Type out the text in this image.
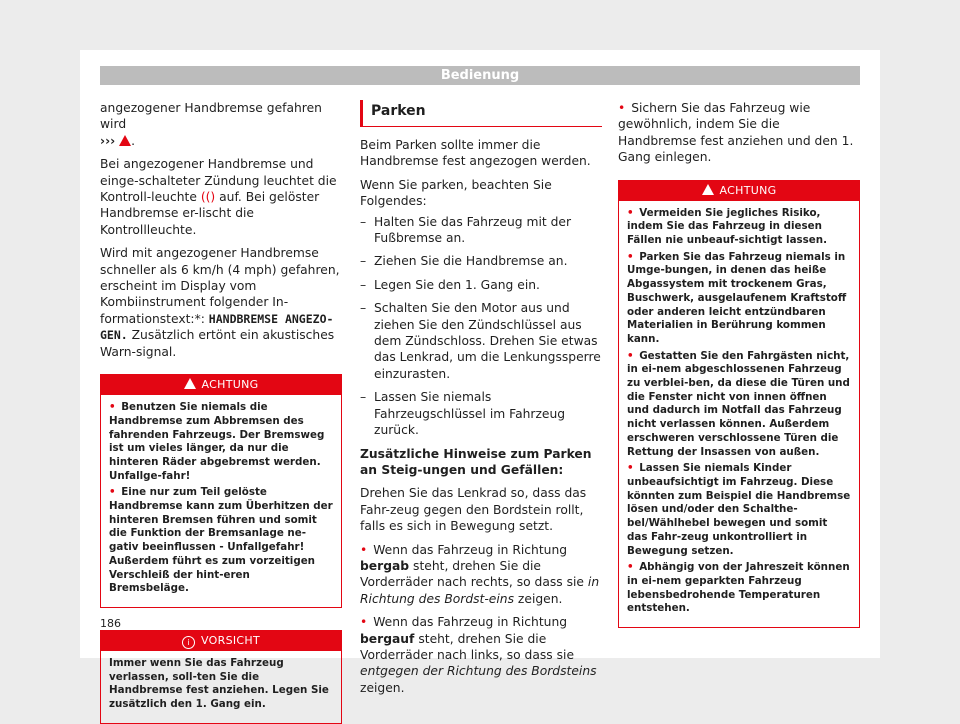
Bedienung

angezogener Handbremse gefahren wird
››› .

Bei angezogener Handbremse und einge-schalteter Zündung leuchtet die Kontroll-leuchte (() auf. Bei gelöster Handbremse er-lischt die Kontrollleuchte.

Wird mit angezogener Handbremse schneller als 6 km/h (4 mph) gefahren, erscheint im Display vom Kombiinstrument folgender In-formationstext:*: HANDBREMSE ANGEZO-GEN. Zusätzlich ertönt ein akustisches Warn-signal.

ACHTUNG

• Benutzen Sie niemals die Handbremse zum Abbremsen des fahrenden Fahrzeugs. Der Bremsweg ist um vieles länger, da nur die hinteren Räder abgebremst werden. Unfallge-fahr!

• Eine nur zum Teil gelöste Handbremse kann zum Überhitzen der hinteren Bremsen führen und somit die Funktion der Bremsanlage ne-gativ beeinflussen - Unfallgefahr! Außerdem führt es zum vorzeitigen Verschleiß der hint-eren Bremsbeläge.

i VORSICHT

Immer wenn Sie das Fahrzeug verlassen, soll-ten Sie die Handbremse fest anziehen. Legen Sie zusätzlich den 1. Gang ein.

Parken

Beim Parken sollte immer die Handbremse fest angezogen werden.

Wenn Sie parken, beachten Sie Folgendes:

– Halten Sie das Fahrzeug mit der Fußbremse an.

– Ziehen Sie die Handbremse an.

– Legen Sie den 1. Gang ein.

– Schalten Sie den Motor aus und ziehen Sie den Zündschlüssel aus dem Zündschloss. Drehen Sie etwas das Lenkrad, um die Lenkungssperre einzurasten.

– Lassen Sie niemals Fahrzeugschlüssel im Fahrzeug zurück.

Zusätzliche Hinweise zum Parken an Steig-ungen und Gefällen:

Drehen Sie das Lenkrad so, dass das Fahr-zeug gegen den Bordstein rollt, falls es sich in Bewegung setzt.

• Wenn das Fahrzeug in Richtung bergab steht, drehen Sie die Vorderräder nach rechts, so dass sie in Richtung des Bordst-eins zeigen.

• Wenn das Fahrzeug in Richtung bergauf steht, drehen Sie die Vorderräder nach links, so dass sie entgegen der Richtung des Bordsteins zeigen.

• Sichern Sie das Fahrzeug wie gewöhnlich, indem Sie die Handbremse fest anziehen und den 1. Gang einlegen.

ACHTUNG

• Vermeiden Sie jegliches Risiko, indem Sie das Fahrzeug in diesen Fällen nie unbeauf-sichtigt lassen.

• Parken Sie das Fahrzeug niemals in Umge-bungen, in denen das heiße Abgassystem mit trockenem Gras, Buschwerk, ausgelaufenem Kraftstoff oder anderen leicht entzündbaren Materialien in Berührung kommen kann.

• Gestatten Sie den Fahrgästen nicht, in ei-nem abgeschlossenen Fahrzeug zu verblei-ben, da diese die Türen und die Fenster nicht von innen öffnen und dadurch im Notfall das Fahrzeug nicht verlassen können. Außerdem erschweren verschlossene Türen die Rettung der Insassen von außen.

• Lassen Sie niemals Kinder unbeaufsichtigt im Fahrzeug. Diese könnten zum Beispiel die Handbremse lösen und/oder den Schalthe-bel/Wählhebel bewegen und somit das Fahr-zeug unkontrolliert in Bewegung setzen.

• Abhängig von der Jahreszeit können in ei-nem geparkten Fahrzeug lebensbedrohende Temperaturen entstehen.

186
